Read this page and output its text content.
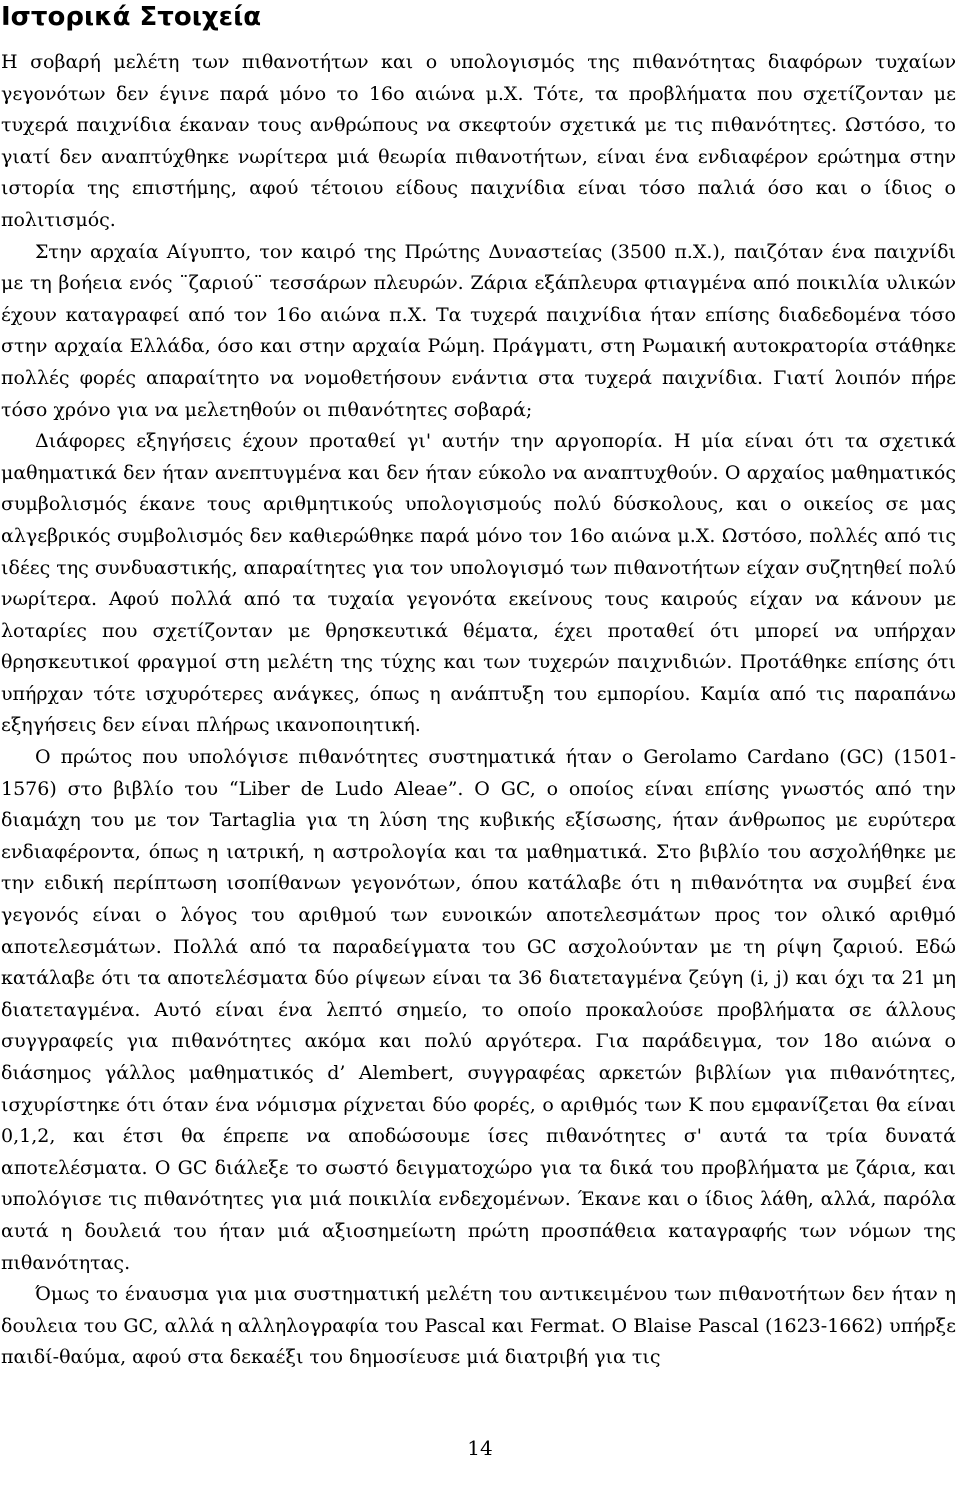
Ιστορικά Στοιχεία

Η σοβαρή μελέτη των πιθανοτήτων και ο υπολογισμός της πιθανότητας διαφόρων τυχαίων γεγονότων δεν έγινε παρά μόνο το 16ο αιώνα μ.Χ. Τότε, τα προβλήματα που σχετίζονταν με τυχερά παιχνίδια έκαναν τους ανθρώπους να σκεφτούν σχετικά με τις πιθανότητες. Ωστόσο, το γιατί δεν αναπτύχθηκε νωρίτερα μιά θεωρία πιθανοτήτων, είναι ένα ενδιαφέρον ερώτημα στην ιστορία της επιστήμης, αφού τέτοιου είδους παιχνίδια είναι τόσο παλιά όσο και ο ίδιος ο πολιτισμός.

Στην αρχαία Αίγυπτο, τον καιρό της Πρώτης Δυναστείας (3500 π.Χ.), παιζόταν ένα παιχνίδι με τη βοήεια ενός ¨ζαριού¨ τεσσάρων πλευρών. Ζάρια εξάπλευρα φτιαγμένα από ποικιλία υλικών έχουν καταγραφεί από τον 16ο αιώνα π.Χ. Τα τυχερά παιχνίδια ήταν επίσης διαδεδομένα τόσο στην αρχαία Ελλάδα, όσο και στην αρχαία Ρώμη. Πράγματι, στη Ρωμαική αυτοκρατορία στάθηκε πολλές φορές απαραίτητο να νομοθετήσουν ενάντια στα τυχερά παιχνίδια. Γιατί λοιπόν πήρε τόσο χρόνο για να μελετηθούν οι πιθανότητες σοβαρά;

Διάφορες εξηγήσεις έχουν προταθεί γι' αυτήν την αργοπορία. Η μία είναι ότι τα σχετικά μαθηματικά δεν ήταν ανεπτυγμένα και δεν ήταν εύκολο να αναπτυχθούν. Ο αρχαίος μαθηματικός συμβολισμός έκανε τους αριθμητικούς υπολογισμούς πολύ δύσκολους, και ο οικείος σε μας αλγεβρικός συμβολισμός δεν καθιερώθηκε παρά μόνο τον 16ο αιώνα μ.Χ. Ωστόσο, πολλές από τις ιδέες της συνδυαστικής, απαραίτητες για τον υπολογισμό των πιθανοτήτων είχαν συζητηθεί πολύ νωρίτερα. Αφού πολλά από τα τυχαία γεγονότα εκείνους τους καιρούς είχαν να κάνουν με λοταρίες που σχετίζονταν με θρησκευτικά θέματα, έχει προταθεί ότι μπορεί να υπήρχαν θρησκευτικοί φραγμοί στη μελέτη της τύχης και των τυχερών παιχνιδιών. Προτάθηκε επίσης ότι υπήρχαν τότε ισχυρότερες ανάγκες, όπως η ανάπτυξη του εμπορίου. Καμία από τις παραπάνω εξηγήσεις δεν είναι πλήρως ικανοποιητική.

Ο πρώτος που υπολόγισε πιθανότητες συστηματικά ήταν ο Gerolamo Cardano (GC) (1501-1576) στο βιβλίο του “Liber de Ludo Aleae”. Ο GC, ο οποίος είναι επίσης γνωστός από την διαμάχη του με τον Tartaglia για τη λύση της κυβικής εξίσωσης, ήταν άνθρωπος με ευρύτερα ενδιαφέροντα, όπως η ιατρική, η αστρολογία και τα μαθηματικά. Στο βιβλίο του ασχολήθηκε με την ειδική περίπτωση ισοπίθανων γεγονότων, όπου κατάλαβε ότι η πιθανότητα να συμβεί ένα γεγονός είναι ο λόγος του αριθμού των ευνοικών αποτελεσμάτων προς τον ολικό αριθμό αποτελεσμάτων. Πολλά από τα παραδείγματα του GC ασχολούνταν με τη ρίψη ζαριού. Εδώ κατάλαβε ότι τα αποτελέσματα δύο ρίψεων είναι τα 36 διατεταγμένα ζεύγη (i, j) και όχι τα 21 μη διατεταγμένα. Αυτό είναι ένα λεπτό σημείο, το οποίο προκαλούσε προβλήματα σε άλλους συγγραφείς για πιθανότητες ακόμα και πολύ αργότερα. Για παράδειγμα, τον 18ο αιώνα ο διάσημος γάλλος μαθηματικός d’ Alembert, συγγραφέας αρκετών βιβλίων για πιθανότητες, ισχυρίστηκε ότι όταν ένα νόμισμα ρίχνεται δύο φορές, ο αριθμός των Κ που εμφανίζεται θα είναι 0,1,2, και έτσι θα έπρεπε να αποδώσουμε ίσες πιθανότητες σ' αυτά τα τρία δυνατά αποτελέσματα. Ο GC διάλεξε το σωστό δειγματοχώρο για τα δικά του προβλήματα με ζάρια, και υπολόγισε τις πιθανότητες για μιά ποικιλία ενδεχομένων. Έκανε και ο ίδιος λάθη, αλλά, παρόλα αυτά η δουλειά του ήταν μιά αξιοσημείωτη πρώτη προσπάθεια καταγραφής των νόμων της πιθανότητας.

Όμως το έναυσμα για μια συστηματική μελέτη του αντικειμένου των πιθανοτήτων δεν ήταν η δουλεια του GC, αλλά η αλληλογραφία του Pascal και Fermat. Ο Blaise Pascal (1623-1662) υπήρξε παιδί-θαύμα, αφού στα δεκαέξι του δημοσίευσε μιά διατριβή για τις

14
